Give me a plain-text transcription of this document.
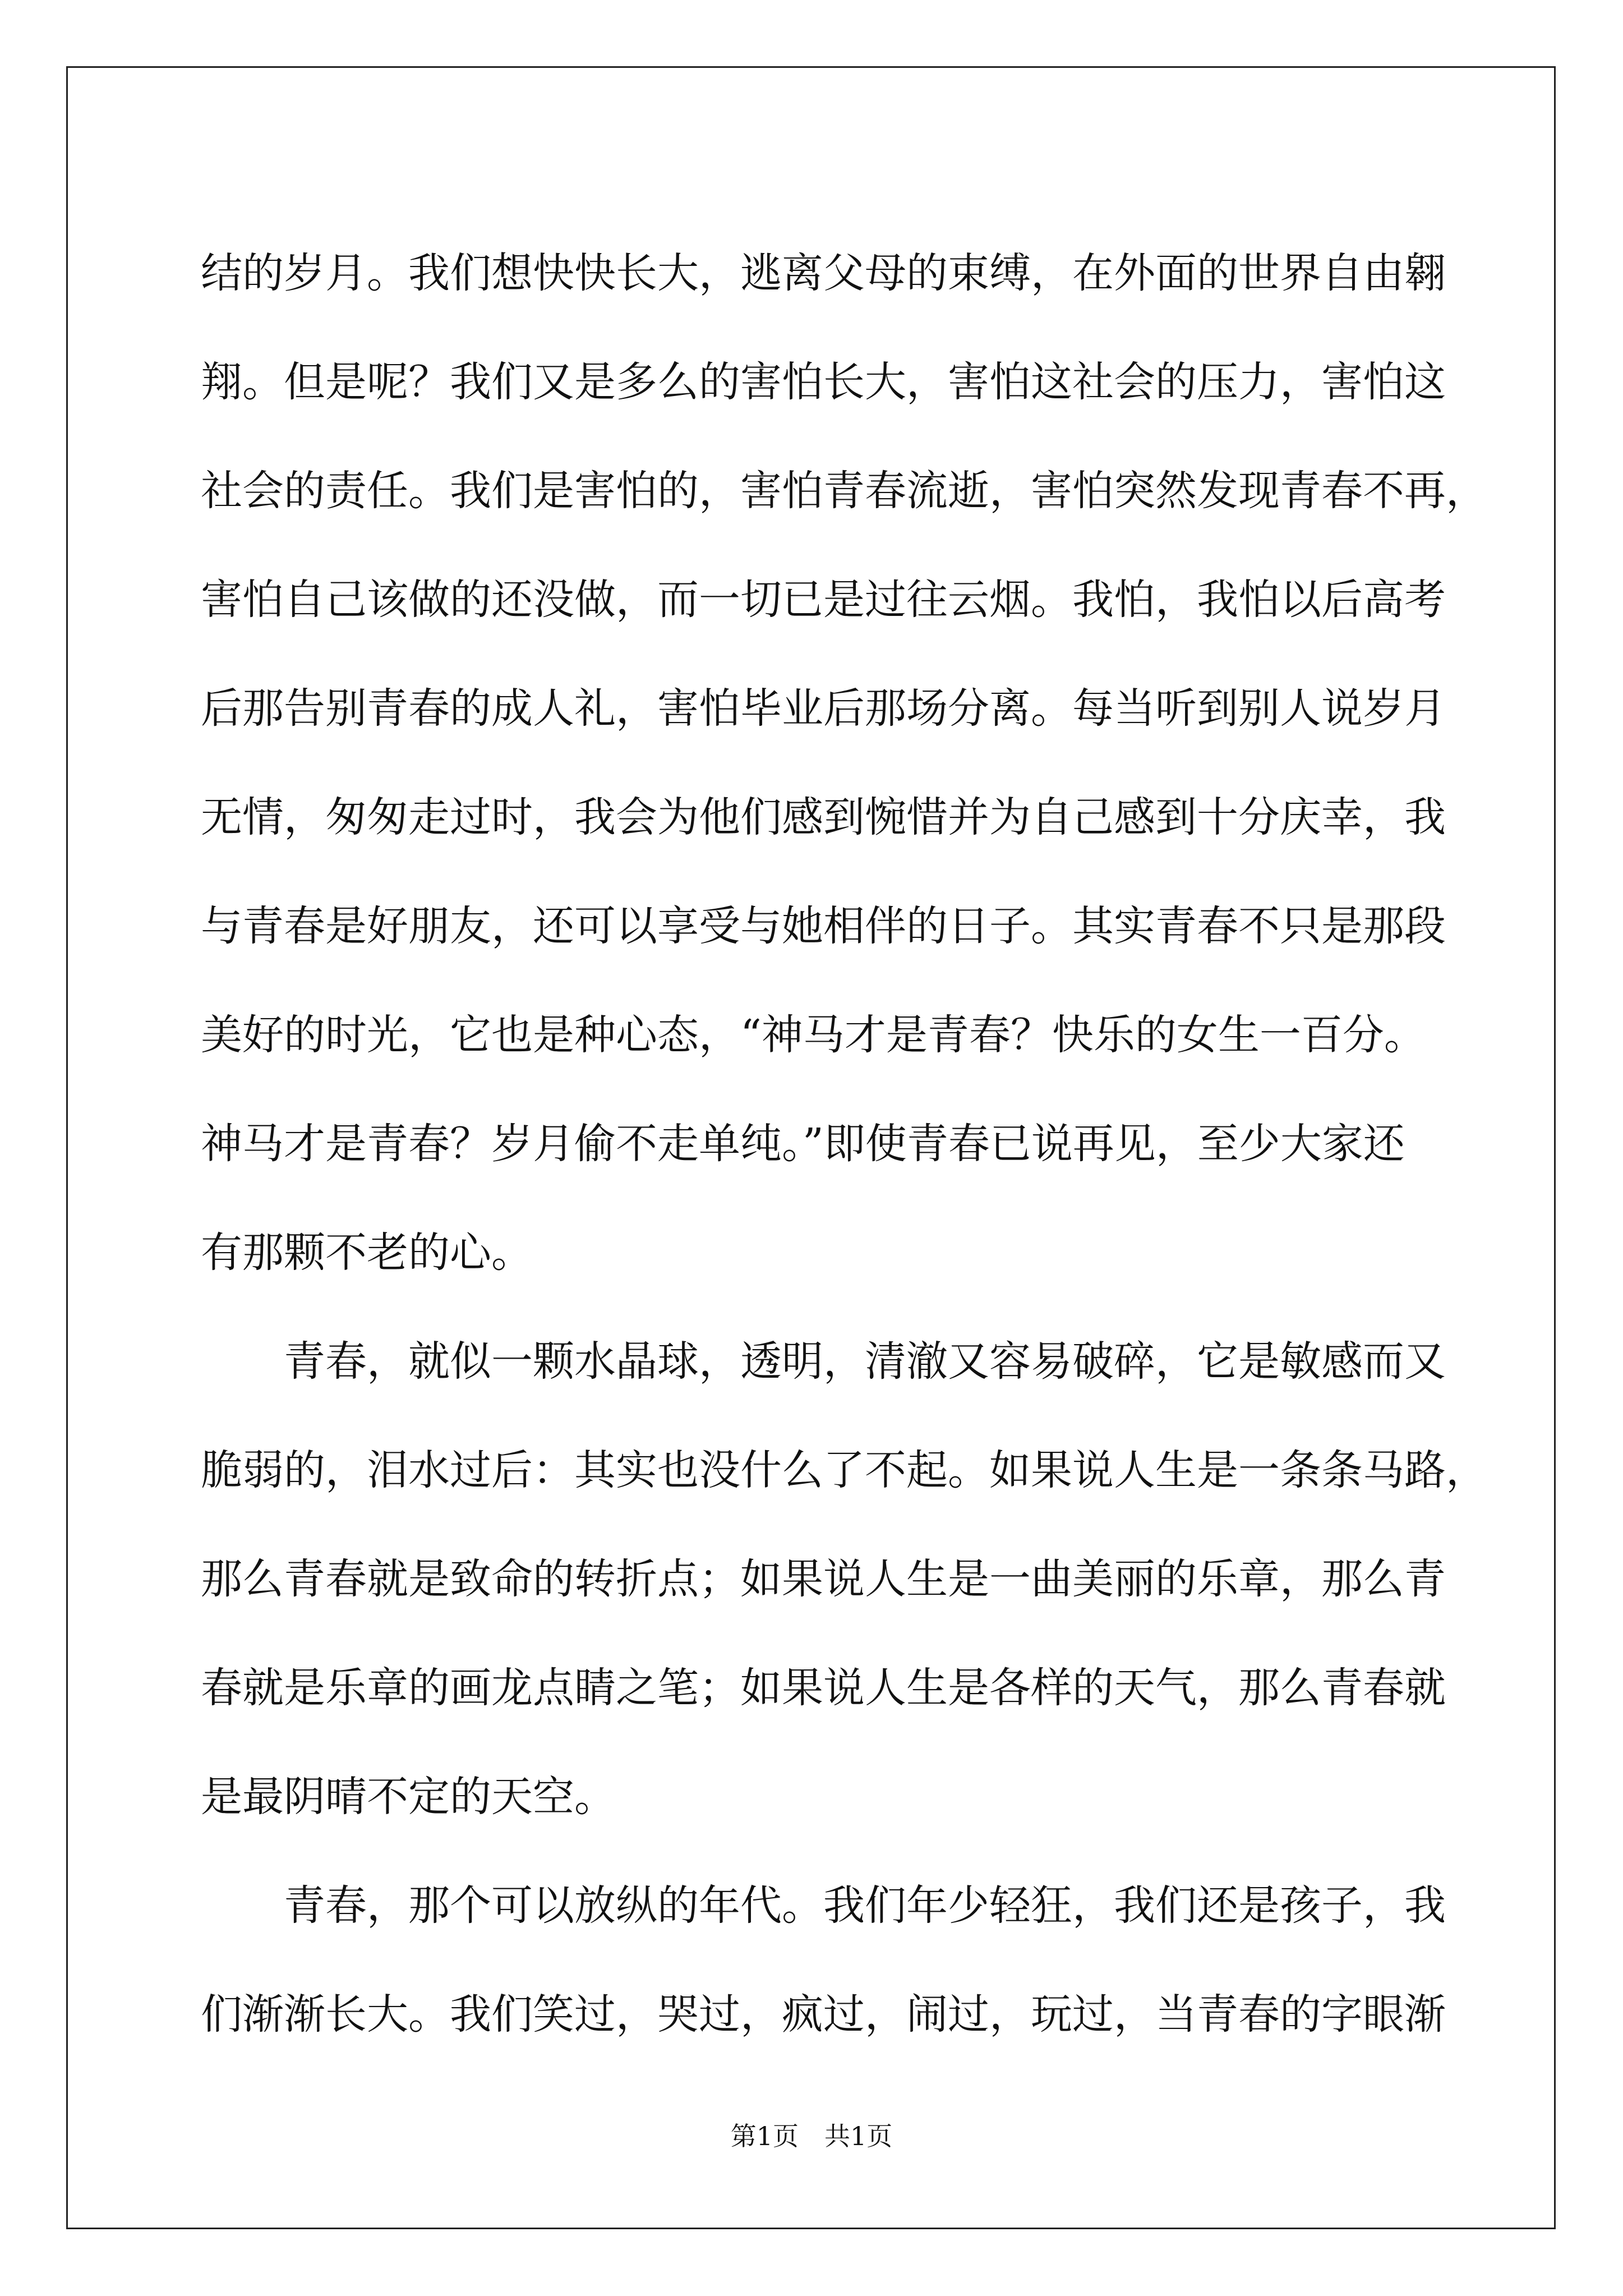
结的岁月。我们想快快长大，逃离父母的束缚，在外面的世界自由翱
翔。但是呢？我们又是多么的害怕长大，害怕这社会的压力，害怕这
社会的责任。我们是害怕的，害怕青春流逝，害怕突然发现青春不再，
害怕自己该做的还没做，而一切已是过往云烟。我怕，我怕以后高考
后那告别青春的成人礼，害怕毕业后那场分离。每当听到别人说岁月
无情，匆匆走过时，我会为他们感到惋惜并为自己感到十分庆幸，我
与青春是好朋友，还可以享受与她相伴的日子。其实青春不只是那段
美好的时光，它也是种心态，“神马才是青春？快乐的女生一百分。
神马才是青春？岁月偷不走单纯。”即使青春已说再见，至少大家还
有那颗不老的心。
青春，就似一颗水晶球，透明，清澈又容易破碎，它是敏感而又
脆弱的，泪水过后：其实也没什么了不起。如果说人生是一条条马路，
那么青春就是致命的转折点；如果说人生是一曲美丽的乐章，那么青
春就是乐章的画龙点睛之笔；如果说人生是各样的天气，那么青春就
是最阴晴不定的天空。
青春，那个可以放纵的年代。我们年少轻狂，我们还是孩子，我
们渐渐长大。我们笑过，哭过，疯过，闹过，玩过，当青春的字眼渐
第1页　共1页
